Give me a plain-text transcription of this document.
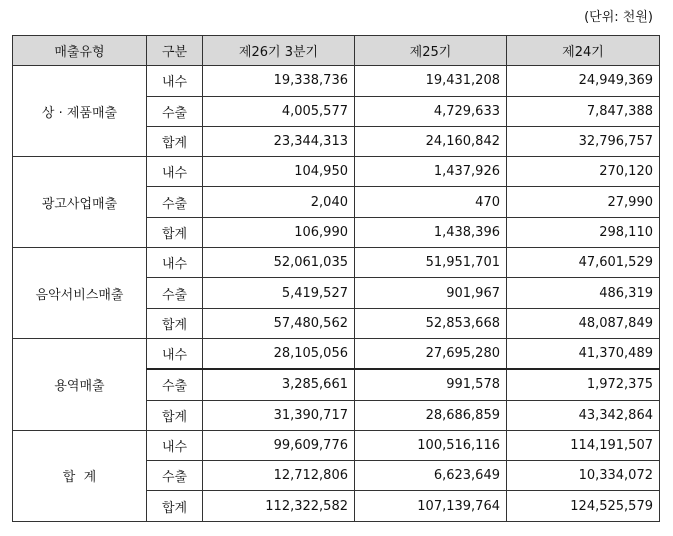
(단위: 천원)
매출유형	구분	제26기 3분기	제25기	제24기
상 · 제품매출	내수	19,338,736	19,431,208	24,949,369
	수출	4,005,577	4,729,633	7,847,388
	합계	23,344,313	24,160,842	32,796,757
광고사업매출	내수	104,950	1,437,926	270,120
	수출	2,040	470	27,990
	합계	106,990	1,438,396	298,110
음악서비스매출	내수	52,061,035	51,951,701	47,601,529
	수출	5,419,527	901,967	486,319
	합계	57,480,562	52,853,668	48,087,849
용역매출	내수	28,105,056	27,695,280	41,370,489
	수출	3,285,661	991,578	1,972,375
	합계	31,390,717	28,686,859	43,342,864
합  계	내수	99,609,776	100,516,116	114,191,507
	수출	12,712,806	6,623,649	10,334,072
	합계	112,322,582	107,139,764	124,525,579
